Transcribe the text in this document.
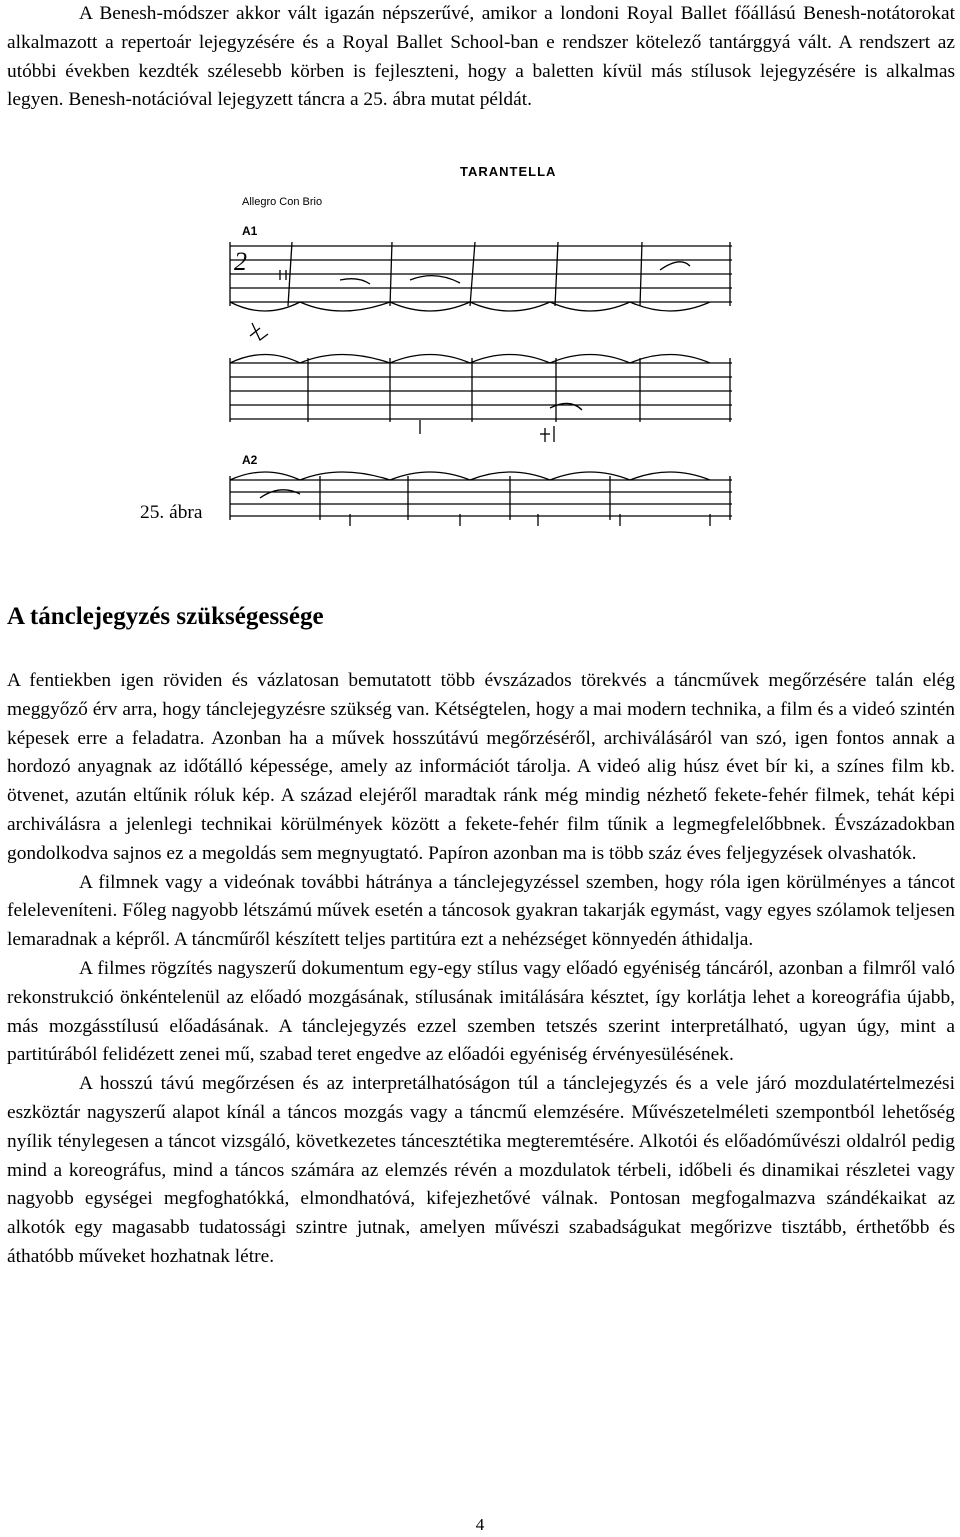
A Benesh-módszer akkor vált igazán népszerűvé, amikor a londoni Royal Ballet főállású Benesh-notátorokat alkalmazott a repertoár lejegyzésére és a Royal Ballet School-ban e rendszer kötelező tantárggyá vált. A rendszert az utóbbi években kezdték szélesebb körben is fejleszteni, hogy a baletten kívül más stílusok lejegyzésére is alkalmas legyen. Benesh-notációval lejegyzett táncra a 25. ábra mutat példát.

TARANTELLA
Allegro Con Brio
A1
2
A2
25. ábra
A tánclejegyzés szükségessége

A fentiekben igen röviden és vázlatosan bemutatott több évszázados törekvés a táncművek megőrzésére talán elég meggyőző érv arra, hogy tánclejegyzésre szükség van. Kétségtelen, hogy a mai modern technika, a film és a videó szintén képesek erre a feladatra. Azonban ha a művek hosszútávú megőrzéséről, archiválásáról van szó, igen fontos annak a hordozó anyagnak az időtálló képessége, amely az információt tárolja. A videó alig húsz évet bír ki, a színes film kb. ötvenet, azután eltűnik róluk kép. A század elejéről maradtak ránk még mindig nézhető fekete-fehér filmek, tehát képi archiválásra a jelenlegi technikai körülmények között a fekete-fehér film tűnik a legmegfelelőbbnek. Évszázadokban gondolkodva sajnos ez a megoldás sem megnyugtató. Papíron azonban ma is több száz éves feljegyzések olvashatók.

A filmnek vagy a videónak további hátránya a tánclejegyzéssel szemben, hogy róla igen körülményes a táncot feleleveníteni. Főleg nagyobb létszámú művek esetén a táncosok gyakran takarják egymást, vagy egyes szólamok teljesen lemaradnak a képről. A táncműről készített teljes partitúra ezt a nehézséget könnyedén áthidalja.

A filmes rögzítés nagyszerű dokumentum egy-egy stílus vagy előadó egyéniség táncáról, azonban a filmről való rekonstrukció önkéntelenül az előadó mozgásának, stílusának imitálására késztet, így korlátja lehet a koreográfia újabb, más mozgásstílusú előadásának. A tánclejegyzés ezzel szemben tetszés szerint interpretálható, ugyan úgy, mint a partitúrából felidézett zenei mű, szabad teret engedve az előadói egyéniség érvényesülésének.

A hosszú távú megőrzésen és az interpretálhatóságon túl a tánclejegyzés és a vele járó mozdulatértelmezési eszköztár nagyszerű alapot kínál a táncos mozgás vagy a táncmű elemzésére. Művészetelméleti szempontból lehetőség nyílik ténylegesen a táncot vizsgáló, következetes táncesztétika megteremtésére. Alkotói és előadóművészi oldalról pedig mind a koreográfus, mind a táncos számára az elemzés révén a mozdulatok térbeli, időbeli és dinamikai részletei vagy nagyobb egységei megfoghatókká, elmondhatóvá, kifejezhetővé válnak. Pontosan megfogalmazva szándékaikat az alkotók egy magasabb tudatossági szintre jutnak, amelyen művészi szabadságukat megőrizve tisztább, érthetőbb és áthatóbb műveket hozhatnak létre.

4
